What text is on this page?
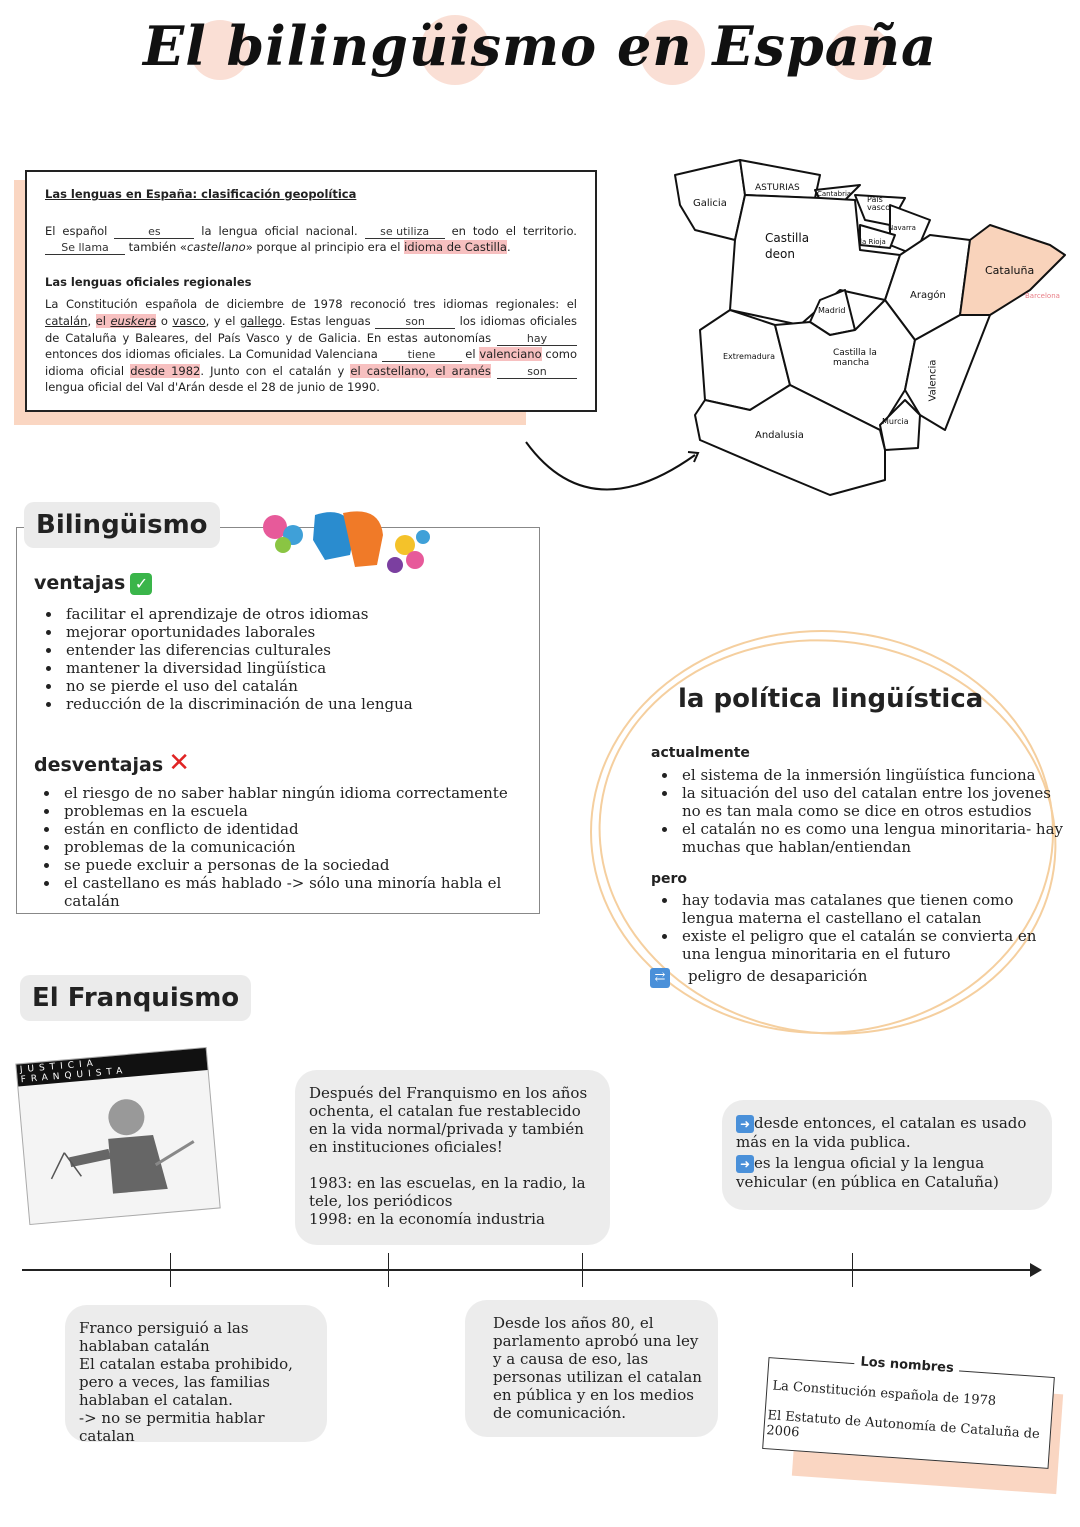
El bilingüismo en España
Las lenguas en España: clasificación geopolítica

El español	es	la lengua oficial nacional. se utiliza en todo el territorio. Se llama también «castellano» porque al principio era el idioma de Castilla.

Las lenguas oficiales regionales

La Constitución española de diciembre de 1978 reconoció tres idiomas regionales: el catalán, el euskera o vasco, y el gallego. Estas lenguas	son	los idiomas oficiales de Cataluña y Baleares, del País Vasco y de Galicia. En estas autonomías	hayentonces dos idiomas oficiales. La Comunidad Valenciana tiene el valenciano como idioma oficial desde 1982. Junto con el catalán y el castellano, el aranés	son lengua oficial del Val d'Arán desde el 28 de junio de 1990.

Galicia
ASTURIAS
Cantabria
País vasco
Navarra
la Rioja
Castilla deon
Cataluña
Barcelona
Aragón
Madrid
Extremadura	Castilla la mancha	Valencia
Murcia
Andalusia
Bilingüismo
ventajas ✓
• facilitar el aprendizaje de otros idiomas
• mejorar oportunidades laborales
• entender las diferencias culturales
• mantener la diversidad lingüística
• no se pierde el uso del catalán
• reducción de la discriminación de una lengua
desventajas ✕
• el riesgo de no saber hablar ningún idioma correctamente
• problemas en la escuela
• están en conflicto de identidad
• problemas de la comunicación
• se puede excluir a personas de la sociedad
• el castellano es más hablado -> sólo una minoría habla el catalán
la política lingüística
actualmente
• el sistema de la inmersión lingüística funciona
• la situación del uso del catalan entre los jovenes no es tan mala como se dice en otros estudios
• el catalán no es como una lengua minoritaria- hay muchas que hablan/entiendan
pero
• hay todavia mas catalanes que tienen como lengua materna el castellano el catalan
• existe el peligro que el catalán se convierta en una lengua minoritaria en el futuro
⇄ peligro de desaparición
El Franquismo
JUSTICIA FRANQUISTA
Después del Franquismo en los años ochenta, el catalan fue restablecido en la vida normal/privada y también en instituciones oficiales!
1983: en las escuelas, en la radio, la tele, los periódicos
1998: en la economía industria
➜ desde entonces, el catalan es usado más en la vida publica.
➜ es la lengua oficial y la lengua vehicular (en pública en Cataluña)
Franco persiguió a las hablaban catalán
El catalan estaba prohibido, pero a veces, las familias hablaban el catalan.
-> no se permitia hablar catalan
Desde los años 80, el parlamento aprobó una ley y a causa de eso, las personas utilizan el catalan en pública y en los medios de comunicación.
Los nombres
La Constitución española de 1978
El Estatuto de Autonomía de Cataluña de 2006
